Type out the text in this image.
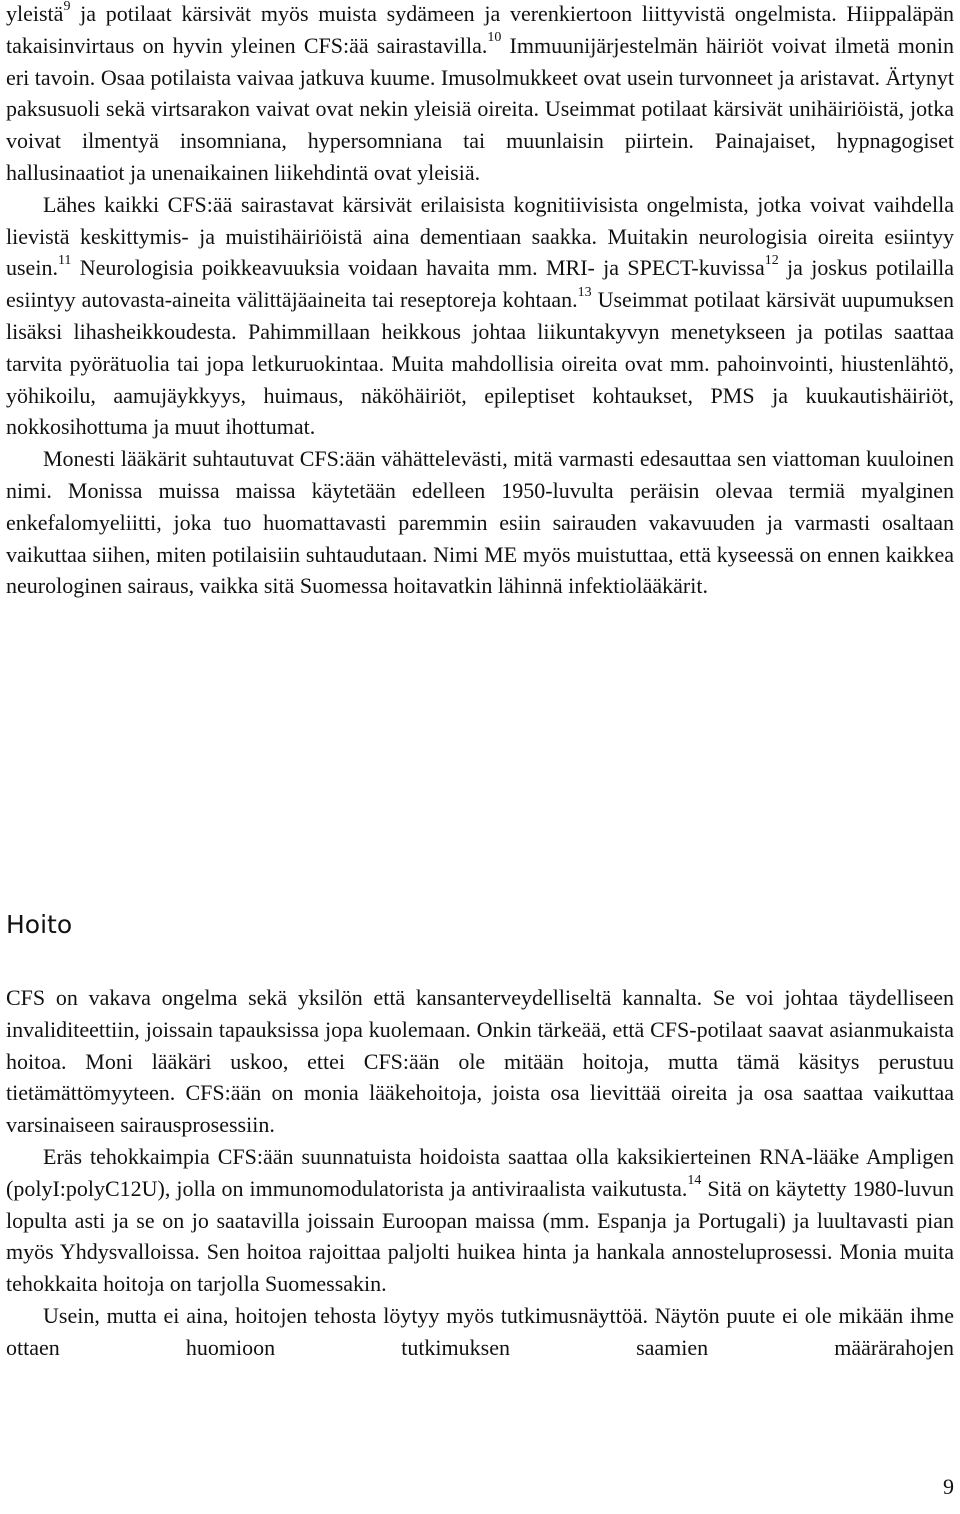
yleistä$^9$ ja potilaat kärsivät myös muista sydämeen ja verenkiertoon liittyvistä ongelmista. Hiippaläpän takaisinvirtaus on hyvin yleinen CFS:ää sairastavilla.$^{10}$ Immuunijärjestelmän häiriöt voivat ilmetä monin eri tavoin. Osaa potilaista vaivaa jatkuva kuume. Imusolmukkeet ovat usein turvonneet ja aristavat. Ärtynyt paksusuoli sekä virtsarakon vaivat ovat nekin yleisiä oireita. Useimmat potilaat kärsivät unihäiriöistä, jotka voivat ilmentyä insomniana, hypersomniana tai muunlaisin piirtein. Painajaiset, hypnagogiset hallusinaatiot ja unenaikainen liikehdintä ovat yleisiä.

Lähes kaikki CFS:ää sairastavat kärsivät erilaisista kognitiivisista ongelmista, jotka voivat vaihdella lievistä keskittymis- ja muistihäiriöistä aina dementiaan saakka. Muitakin neurologisia oireita esiintyy usein.$^{11}$ Neurologisia poikkeavuuksia voidaan havaita mm. MRI- ja SPECT-kuvissa$^{12}$ ja joskus potilailla esiintyy autovasta-aineita välittäjäaineita tai reseptoreja kohtaan.$^{13}$ Useimmat potilaat kärsivät uupumuksen lisäksi lihasheikkoudesta. Pahimmillaan heikkous johtaa liikuntakyvyn menetykseen ja potilas saattaa tarvita pyörätuolia tai jopa letkuruokintaa. Muita mahdollisia oireita ovat mm. pahoinvointi, hiustenlähtö, yöhikoilu, aamujäykkyys, huimaus, näköhäiriöt, epileptiset kohtaukset, PMS ja kuukautishäiriöt, nokkosihottuma ja muut ihottumat.

Monesti lääkärit suhtautuvat CFS:ään vähättelevästi, mitä varmasti edesauttaa sen viattoman kuuloinen nimi. Monissa muissa maissa käytetään edelleen 1950-luvulta peräisin olevaa termiä myalginen enkefalomyeliitti, joka tuo huomattavasti paremmin esiin sairauden vakavuuden ja varmasti osaltaan vaikuttaa siihen, miten potilaisiin suhtaudutaan. Nimi ME myös muistuttaa, että kyseessä on ennen kaikkea neurologinen sairaus, vaikka sitä Suomessa hoitavatkin lähinnä infektiolääkärit.

Hoito

CFS on vakava ongelma sekä yksilön että kansanterveydelliseltä kannalta. Se voi johtaa täydelliseen invaliditeettiin, joissain tapauksissa jopa kuolemaan. Onkin tärkeää, että CFS-potilaat saavat asianmukaista hoitoa. Moni lääkäri uskoo, ettei CFS:ään ole mitään hoitoja, mutta tämä käsitys perustuu tietämättömyyteen. CFS:ään on monia lääkehoitoja, joista osa lievittää oireita ja osa saattaa vaikuttaa varsinaiseen sairausprosessiin.

Eräs tehokkaimpia CFS:ään suunnatuista hoidoista saattaa olla kaksikierteinen RNA-lääke Ampligen (polyI:polyC12U), jolla on immunomodulatorista ja antiviraalista vaikutusta.$^{14}$ Sitä on käytetty 1980-luvun lopulta asti ja se on jo saatavilla joissain Euroopan maissa (mm. Espanja ja Portugali) ja luultavasti pian myös Yhdysvalloissa. Sen hoitoa rajoittaa paljolti huikea hinta ja hankala annosteluprosessi. Monia muita tehokkaita hoitoja on tarjolla Suomessakin.

Usein, mutta ei aina, hoitojen tehosta löytyy myös tutkimusnäyttöä. Näytön puute ei ole mikään ihme ottaen huomioon tutkimuksen saamien määrärahojen

9
